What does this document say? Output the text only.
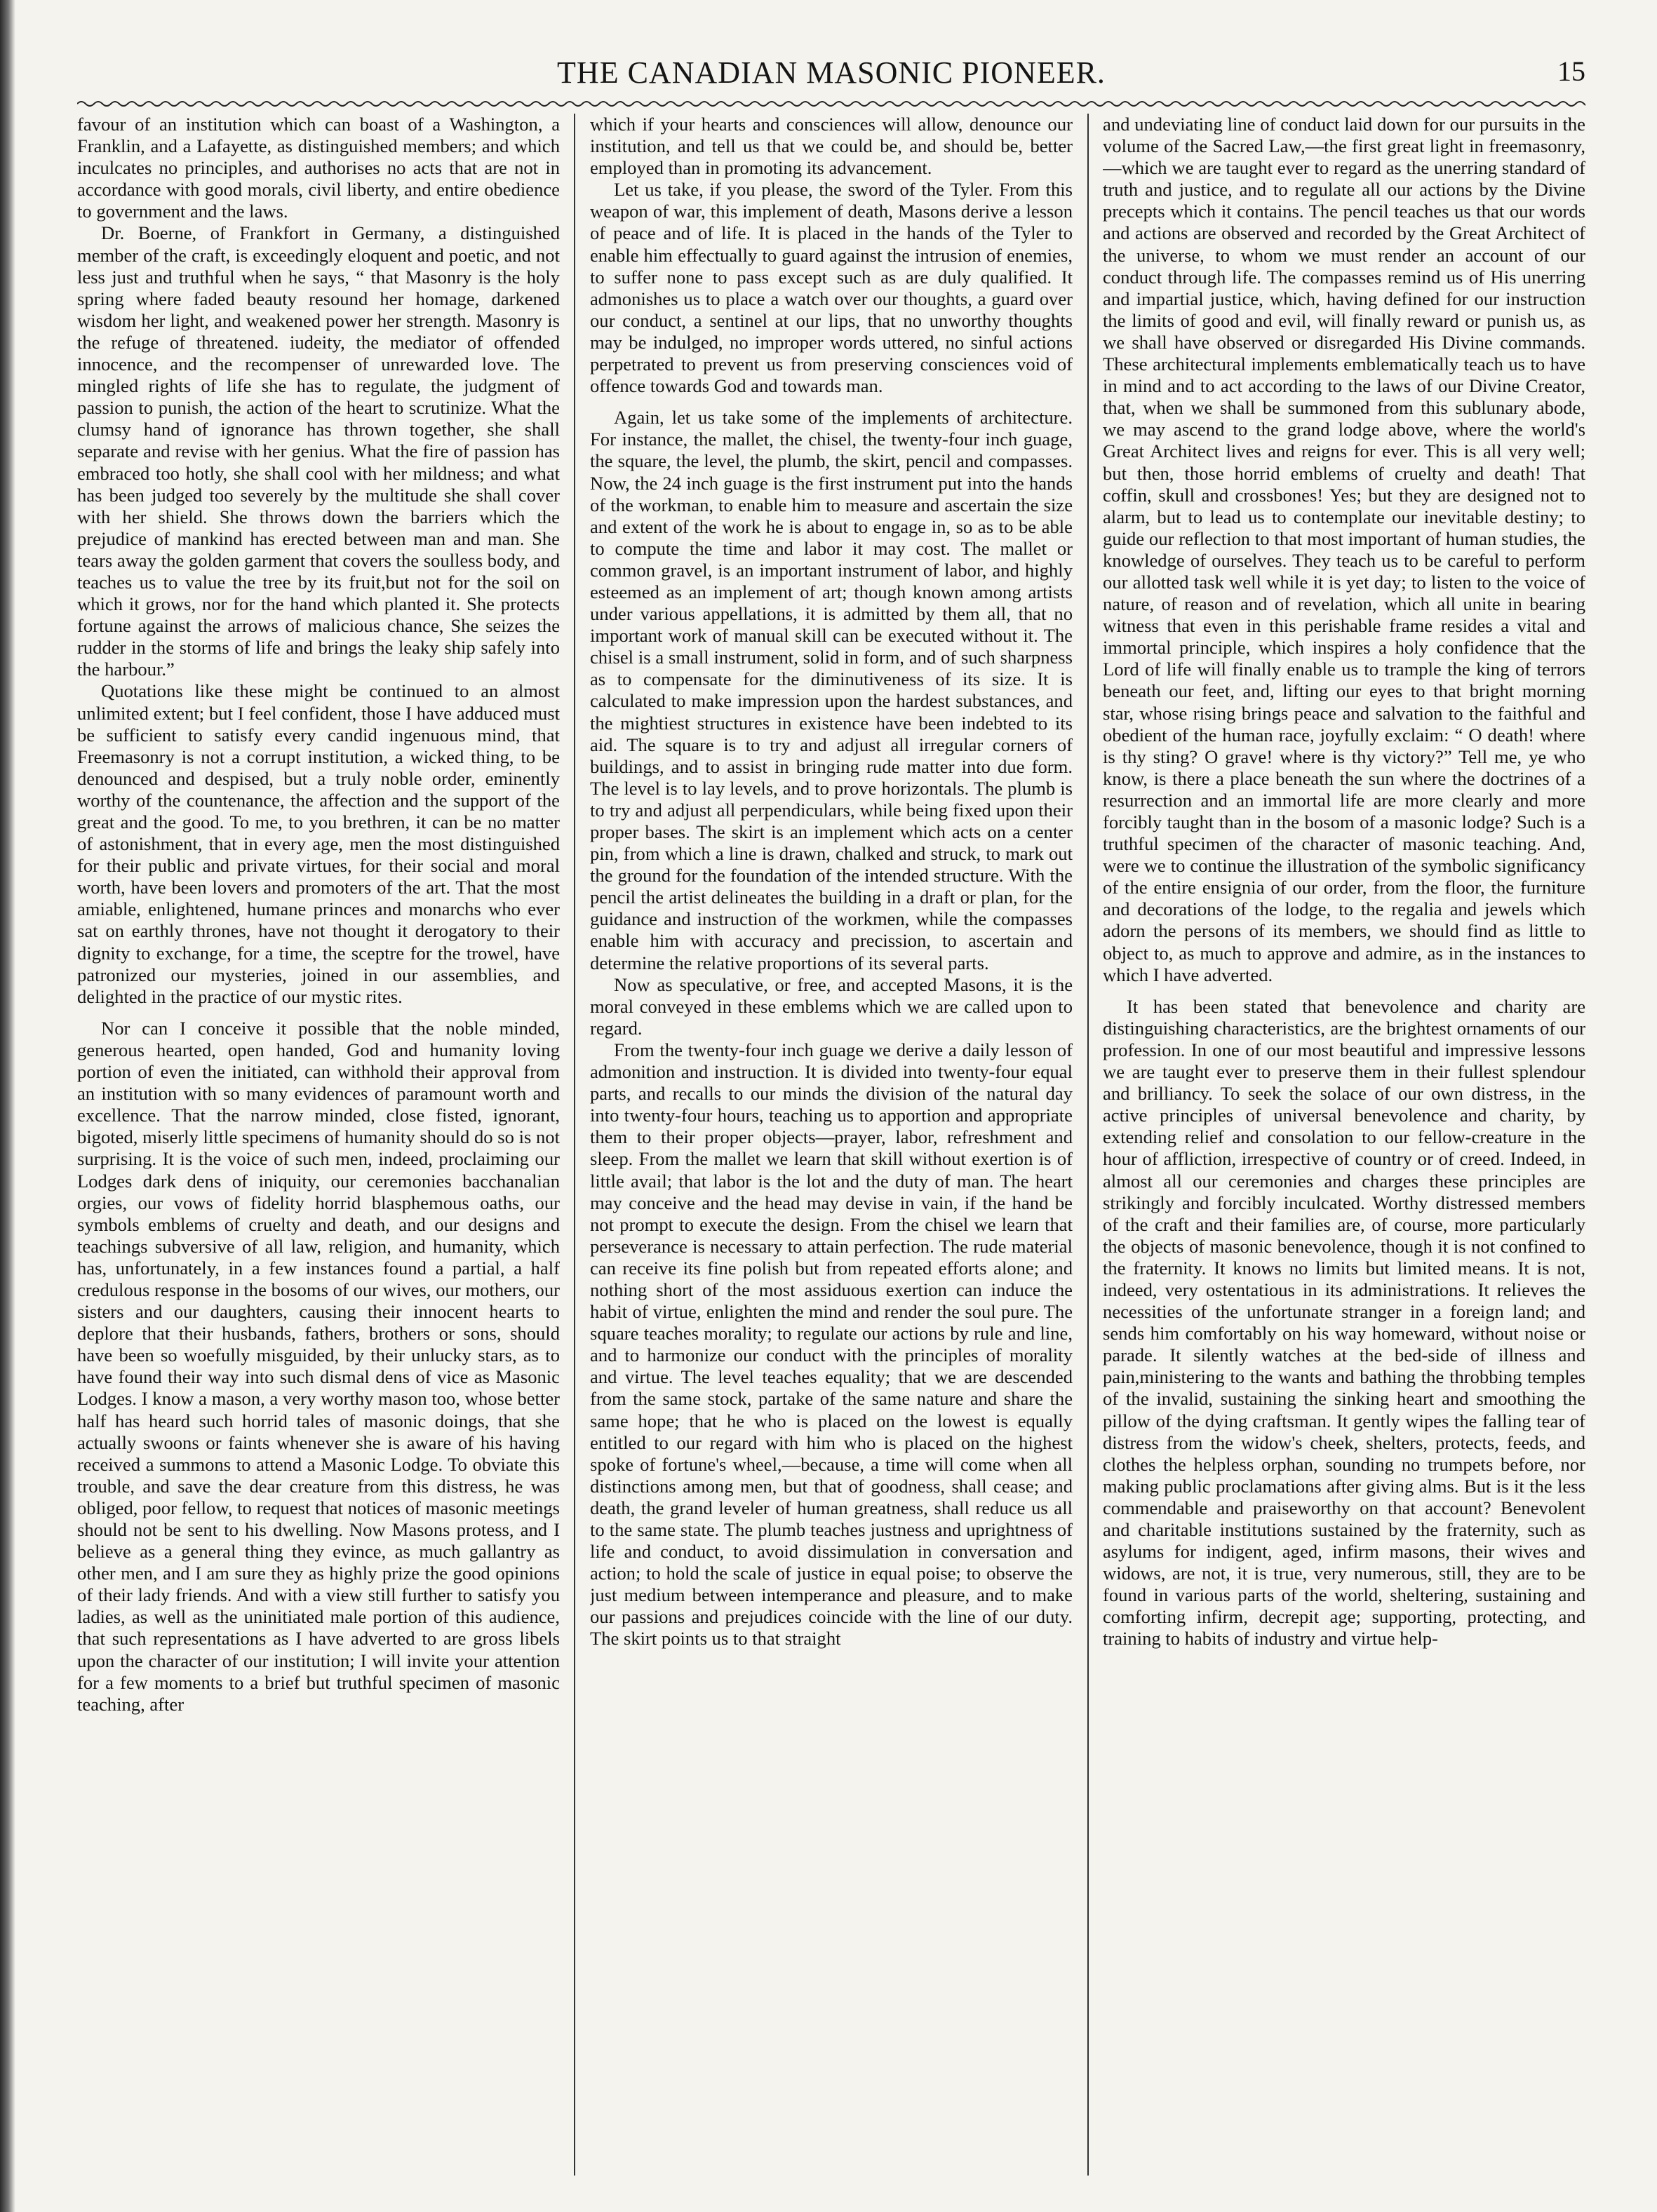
THE CANADIAN MASONIC PIONEER.	15

favour of an institution which can boast of a Washington, a Franklin, and a Lafayette, as distinguished members; and which inculcates no principles, and authorises no acts that are not in accordance with good morals, civil liberty, and entire obedience to government and the laws.

Dr. Boerne, of Frankfort in Germany, a distinguished member of the craft, is exceedingly eloquent and poetic, and not less just and truthful when he says, “ that Masonry is the holy spring where faded beauty resound her homage, darkened wisdom her light, and weakened power her strength. Masonry is the refuge of threatened. iudeity, the mediator of offended innocence, and the recompenser of unrewarded love. The mingled rights of life she has to regulate, the judgment of passion to punish, the action of the heart to scrutinize. What the clumsy hand of ignorance has thrown together, she shall separate and revise with her genius. What the fire of passion has embraced too hotly, she shall cool with her mildness; and what has been judged too severely by the multitude she shall cover with her shield. She throws down the barriers which the prejudice of mankind has erected between man and man. She tears away the golden garment that covers the soulless body, and teaches us to value the tree by its fruit,but not for the soil on which it grows, nor for the hand which planted it. She protects fortune against the arrows of malicious chance, She seizes the rudder in the storms of life and brings the leaky ship safely into the harbour.”

Quotations like these might be continued to an almost unlimited extent; but I feel confident, those I have adduced must be sufficient to satisfy every candid ingenuous mind, that Freemasonry is not a corrupt institution, a wicked thing, to be denounced and despised, but a truly noble order, eminently worthy of the countenance, the affection and the support of the great and the good. To me, to you brethren, it can be no matter of astonishment, that in every age, men the most distinguished for their public and private virtues, for their social and moral worth, have been lovers and promoters of the art. That the most amiable, enlightened, humane princes and monarchs who ever sat on earthly thrones, have not thought it derogatory to their dignity to exchange, for a time, the sceptre for the trowel, have patronized our mysteries, joined in our assemblies, and delighted in the practice of our mystic rites.

Nor can I conceive it possible that the noble minded, generous hearted, open handed, God and humanity loving portion of even the initiated, can withhold their approval from an institution with so many evidences of paramount worth and excellence. That the narrow minded, close fisted, ignorant, bigoted, miserly little specimens of humanity should do so is not surprising. It is the voice of such men, indeed, proclaiming our Lodges dark dens of iniquity, our ceremonies bacchanalian orgies, our vows of fidelity horrid blasphemous oaths, our symbols emblems of cruelty and death, and our designs and teachings subversive of all law, religion, and humanity, which has, unfortunately, in a few instances found a partial, a half credulous response in the bosoms of our wives, our mothers, our sisters and our daughters, causing their innocent hearts to deplore that their husbands, fathers, brothers or sons, should have been so woefully misguided, by their unlucky stars, as to have found their way into such dismal dens of vice as Masonic Lodges. I know a mason, a very worthy mason too, whose better half has heard such horrid tales of masonic doings, that she actually swoons or faints whenever she is aware of his having received a summons to attend a Masonic Lodge. To obviate this trouble, and save the dear creature from this distress, he was obliged, poor fellow, to request that notices of masonic meetings should not be sent to his dwelling. Now Masons protess, and I believe as a general thing they evince, as much gallantry as other men, and I am sure they as highly prize the good opinions of their lady friends. And with a view still further to satisfy you ladies, as well as the uninitiated male portion of this audience, that such representations as I have adverted to are gross libels upon the character of our institution; I will invite your attention for a few moments to a brief but truthful specimen of masonic teaching, after

which if your hearts and consciences will allow, denounce our institution, and tell us that we could be, and should be, better employed than in promoting its advancement.

Let us take, if you please, the sword of the Tyler. From this weapon of war, this implement of death, Masons derive a lesson of peace and of life. It is placed in the hands of the Tyler to enable him effectually to guard against the intrusion of enemies, to suffer none to pass except such as are duly qualified. It admonishes us to place a watch over our thoughts, a guard over our conduct, a sentinel at our lips, that no unworthy thoughts may be indulged, no improper words uttered, no sinful actions perpetrated to prevent us from preserving consciences void of offence towards God and towards man.

Again, let us take some of the implements of architecture. For instance, the mallet, the chisel, the twenty-four inch guage, the square, the level, the plumb, the skirt, pencil and compasses. Now, the 24 inch guage is the first instrument put into the hands of the workman, to enable him to measure and ascertain the size and extent of the work he is about to engage in, so as to be able to compute the time and labor it may cost. The mallet or common gravel, is an important instrument of labor, and highly esteemed as an implement of art; though known among artists under various appellations, it is admitted by them all, that no important work of manual skill can be executed without it. The chisel is a small instrument, solid in form, and of such sharpness as to compensate for the diminutiveness of its size. It is calculated to make impression upon the hardest substances, and the mightiest structures in existence have been indebted to its aid. The square is to try and adjust all irregular corners of buildings, and to assist in bringing rude matter into due form. The level is to lay levels, and to prove horizontals. The plumb is to try and adjust all perpendiculars, while being fixed upon their proper bases. The skirt is an implement which acts on a center pin, from which a line is drawn, chalked and struck, to mark out the ground for the foundation of the intended structure. With the pencil the artist delineates the building in a draft or plan, for the guidance and instruction of the workmen, while the compasses enable him with accuracy and precission, to ascertain and determine the relative proportions of its several parts.

Now as speculative, or free, and accepted Masons, it is the moral conveyed in these emblems which we are called upon to regard.

From the twenty-four inch guage we derive a daily lesson of admonition and instruction. It is divided into twenty-four equal parts, and recalls to our minds the division of the natural day into twenty-four hours, teaching us to apportion and appropriate them to their proper objects—prayer, labor, refreshment and sleep. From the mallet we learn that skill without exertion is of little avail; that labor is the lot and the duty of man. The heart may conceive and the head may devise in vain, if the hand be not prompt to execute the design. From the chisel we learn that perseverance is necessary to attain perfection. The rude material can receive its fine polish but from repeated efforts alone; and nothing short of the most assiduous exertion can induce the habit of virtue, enlighten the mind and render the soul pure. The square teaches morality; to regulate our actions by rule and line, and to harmonize our conduct with the principles of morality and virtue. The level teaches equality; that we are descended from the same stock, partake of the same nature and share the same hope; that he who is placed on the lowest is equally entitled to our regard with him who is placed on the highest spoke of fortune's wheel,—because, a time will come when all distinctions among men, but that of goodness, shall cease; and death, the grand leveler of human greatness, shall reduce us all to the same state. The plumb teaches justness and uprightness of life and conduct, to avoid dissimulation in conversation and action; to hold the scale of justice in equal poise; to observe the just medium between intemperance and pleasure, and to make our passions and prejudices coincide with the line of our duty. The skirt points us to that straight

and undeviating line of conduct laid down for our pursuits in the volume of the Sacred Law,—the first great light in freemasonry,—which we are taught ever to regard as the unerring standard of truth and justice, and to regulate all our actions by the Divine precepts which it contains. The pencil teaches us that our words and actions are observed and recorded by the Great Architect of the universe, to whom we must render an account of our conduct through life. The compasses remind us of His unerring and impartial justice, which, having defined for our instruction the limits of good and evil, will finally reward or punish us, as we shall have observed or disregarded His Divine commands. These architectural implements emblematically teach us to have in mind and to act according to the laws of our Divine Creator, that, when we shall be summoned from this sublunary abode, we may ascend to the grand lodge above, where the world's Great Architect lives and reigns for ever. This is all very well; but then, those horrid emblems of cruelty and death! That coffin, skull and crossbones! Yes; but they are designed not to alarm, but to lead us to contemplate our inevitable destiny; to guide our reflection to that most important of human studies, the knowledge of ourselves. They teach us to be careful to perform our allotted task well while it is yet day; to listen to the voice of nature, of reason and of revelation, which all unite in bearing witness that even in this perishable frame resides a vital and immortal principle, which inspires a holy confidence that the Lord of life will finally enable us to trample the king of terrors beneath our feet, and, lifting our eyes to that bright morning star, whose rising brings peace and salvation to the faithful and obedient of the human race, joyfully exclaim: “ O death! where is thy sting? O grave! where is thy victory?” Tell me, ye who know, is there a place beneath the sun where the doctrines of a resurrection and an immortal life are more clearly and more forcibly taught than in the bosom of a masonic lodge? Such is a truthful specimen of the character of masonic teaching. And, were we to continue the illustration of the symbolic significancy of the entire ensignia of our order, from the floor, the furniture and decorations of the lodge, to the regalia and jewels which adorn the persons of its members, we should find as little to object to, as much to approve and admire, as in the instances to which I have adverted.

It has been stated that benevolence and charity are distinguishing characteristics, are the brightest ornaments of our profession. In one of our most beautiful and impressive lessons we are taught ever to preserve them in their fullest splendour and brilliancy. To seek the solace of our own distress, in the active principles of universal benevolence and charity, by extending relief and consolation to our fellow-creature in the hour of affliction, irrespective of country or of creed. Indeed, in almost all our ceremonies and charges these principles are strikingly and forcibly inculcated. Worthy distressed members of the craft and their families are, of course, more particularly the objects of masonic benevolence, though it is not confined to the fraternity. It knows no limits but limited means. It is not, indeed, very ostentatious in its administrations. It relieves the necessities of the unfortunate stranger in a foreign land; and sends him comfortably on his way homeward, without noise or parade. It silently watches at the bed-side of illness and pain,ministering to the wants and bathing the throbbing temples of the invalid, sustaining the sinking heart and smoothing the pillow of the dying craftsman. It gently wipes the falling tear of distress from the widow's cheek, shelters, protects, feeds, and clothes the helpless orphan, sounding no trumpets before, nor making public proclamations after giving alms. But is it the less commendable and praiseworthy on that account? Benevolent and charitable institutions sustained by the fraternity, such as asylums for indigent, aged, infirm masons, their wives and widows, are not, it is true, very numerous, still, they are to be found in various parts of the world, sheltering, sustaining and comforting infirm, decrepit age; supporting, protecting, and training to habits of industry and virtue help-
